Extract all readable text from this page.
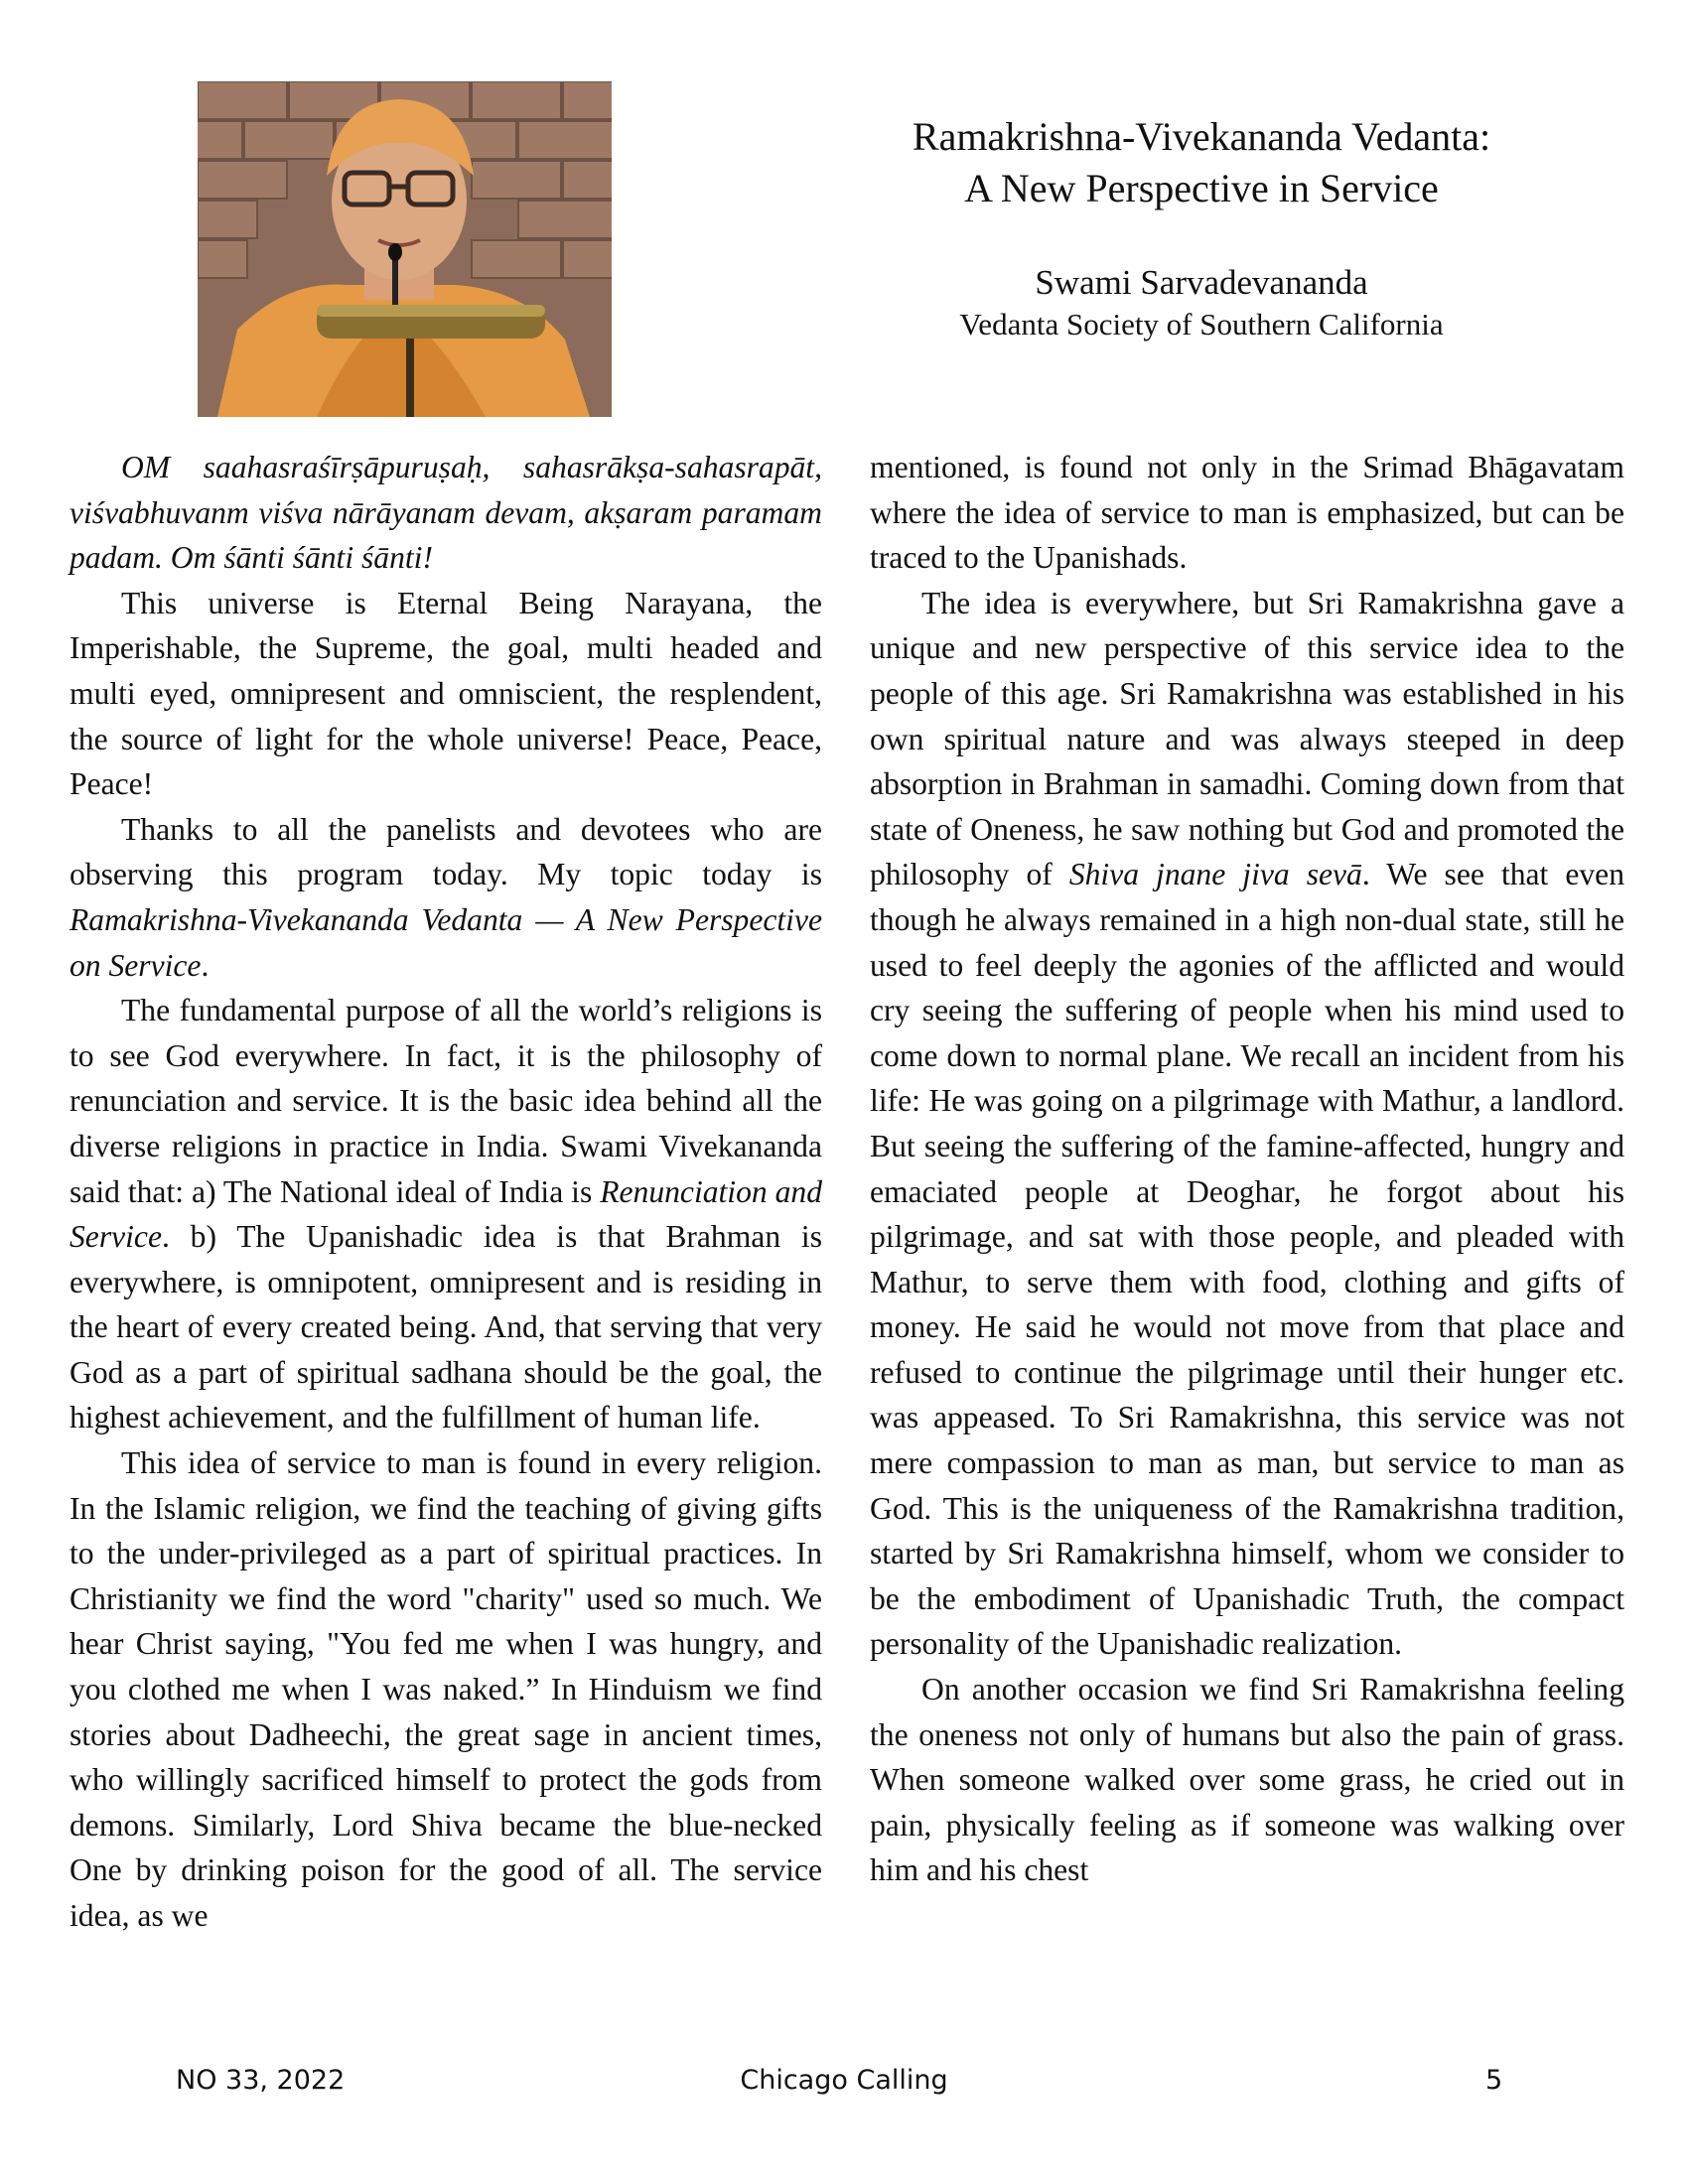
Ramakrishna-Vivekananda Vedanta:
A New Perspective in Service

Swami Sarvadevananda

Vedanta Society of Southern California

OM saahasraśīrṣāpuruṣaḥ, sahasrākṣa-sahasrapāt, viśvabhuvanm viśva nārāyanam devam, akṣaram paramam padam. Om śānti śānti śānti!

This universe is Eternal Being Narayana, the Imperishable, the Supreme, the goal, multi headed and multi eyed, omnipresent and omniscient, the resplendent, the source of light for the whole universe! Peace, Peace, Peace!

Thanks to all the panelists and devotees who are observing this program today. My topic today is Ramakrishna-Vivekananda Vedanta — A New Perspective on Service.

The fundamental purpose of all the world’s religions is to see God everywhere. In fact, it is the philosophy of renunciation and service. It is the basic idea behind all the diverse religions in practice in India. Swami Vivekananda said that: a) The National ideal of India is Renunciation and Service. b) The Upanishadic idea is that Brahman is everywhere, is omnipotent, omnipresent and is residing in the heart of every created being. And, that serving that very God as a part of spiritual sadhana should be the goal, the highest achievement, and the fulfillment of human life.

This idea of service to man is found in every religion. In the Islamic religion, we find the teaching of giving gifts to the under-privileged as a part of spiritual practices. In Christianity we find the word "charity" used so much. We hear Christ saying, "You fed me when I was hungry, and you clothed me when I was naked.” In Hinduism we find stories about Dadheechi, the great sage in ancient times, who willingly sacrificed himself to protect the gods from demons. Similarly, Lord Shiva became the blue-necked One by drinking poison for the good of all. The service idea, as we

mentioned, is found not only in the Srimad Bhāgavatam where the idea of service to man is emphasized, but can be traced to the Upanishads.

The idea is everywhere, but Sri Ramakrishna gave a unique and new perspective of this service idea to the people of this age. Sri Ramakrishna was established in his own spiritual nature and was always steeped in deep absorption in Brahman in samadhi. Coming down from that state of Oneness, he saw nothing but God and promoted the philosophy of Shiva jnane jiva sevā. We see that even though he always remained in a high non-dual state, still he used to feel deeply the agonies of the afflicted and would cry seeing the suffering of people when his mind used to come down to normal plane. We recall an incident from his life: He was going on a pilgrimage with Mathur, a landlord. But seeing the suffering of the famine-affected, hungry and emaciated people at Deoghar, he forgot about his pilgrimage, and sat with those people, and pleaded with Mathur, to serve them with food, clothing and gifts of money. He said he would not move from that place and refused to continue the pilgrimage until their hunger etc. was appeased. To Sri Ramakrishna, this service was not mere compassion to man as man, but service to man as God. This is the uniqueness of the Ramakrishna tradition, started by Sri Ramakrishna himself, whom we consider to be the embodiment of Upanishadic Truth, the compact personality of the Upanishadic realization.

On another occasion we find Sri Ramakrishna feeling the oneness not only of humans but also the pain of grass. When someone walked over some grass, he cried out in pain, physically feeling as if someone was walking over him and his chest

Chicago Calling
NO 33, 2022	5
